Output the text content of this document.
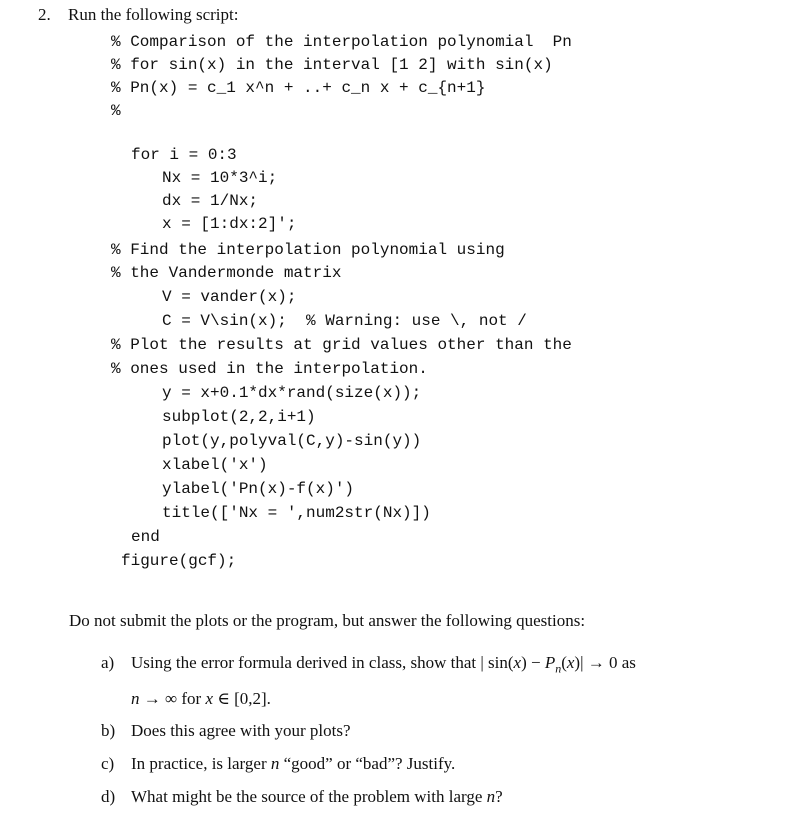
2. Run the following script:
% Comparison of the interpolation polynomial  Pn
% for sin(x) in the interval [1 2] with sin(x)
% Pn(x) = c_1 x^n + ..+ c_n x + c_{n+1}
%
for i = 0:3
Nx = 10*3^i;
dx = 1/Nx;
x = [1:dx:2]';
% Find the interpolation polynomial using
% the Vandermonde matrix
V = vander(x);
C = V\sin(x);  % Warning: use \, not /
% Plot the results at grid values other than the
% ones used in the interpolation.
y = x+0.1*dx*rand(size(x));
subplot(2,2,i+1)
plot(y,polyval(C,y)-sin(y))
xlabel('x')
ylabel('Pn(x)-f(x)')
title(['Nx = ',num2str(Nx)])
end
figure(gcf);
Do not submit the plots or the program, but answer the following questions:
a) Using the error formula derived in class, show that | $\sin(x) - P_n(x)| \to 0$ as
n → ∞ for x ∈ [0,2].
b) Does this agree with your plots?
c) In practice, is larger n “good” or “bad”? Justify.
d) What might be the source of the problem with large n?
